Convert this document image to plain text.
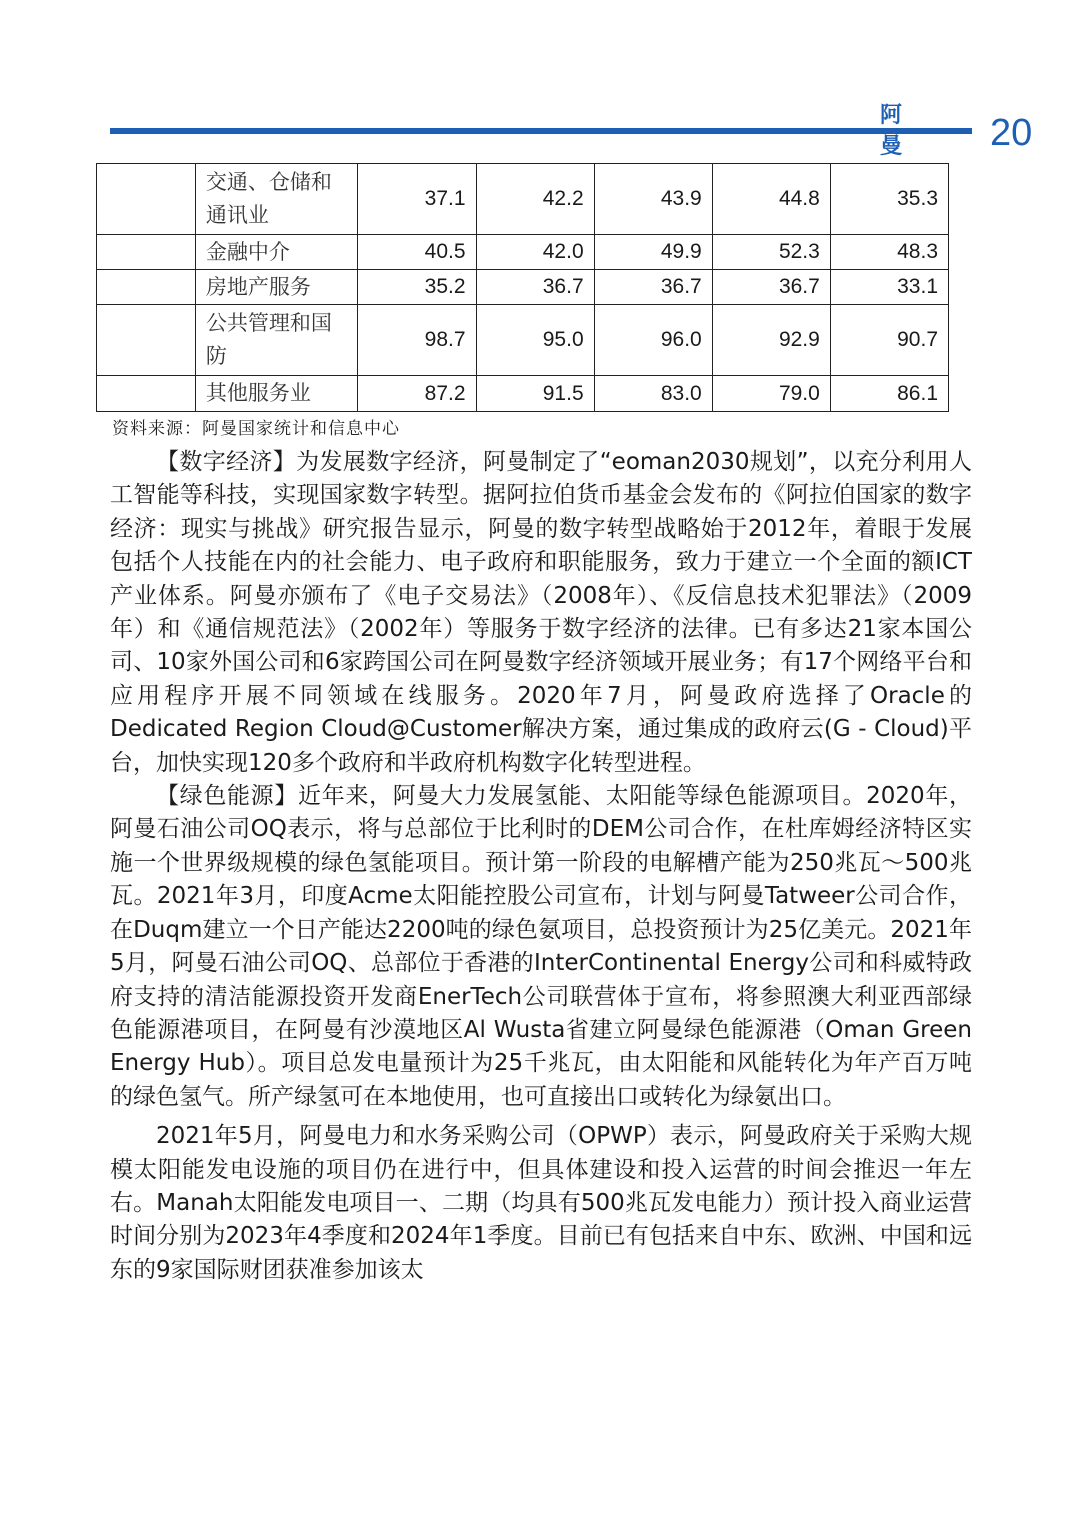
阿 曼	20
	交通、仓储和通讯业	37.1	42.2	43.9	44.8	35.3
	金融中介	40.5	42.0	49.9	52.3	48.3
	房地产服务	35.2	36.7	36.7	36.7	33.1
	公共管理和国防	98.7	95.0	96.0	92.9	90.7
	其他服务业	87.2	91.5	83.0	79.0	86.1
资料来源：阿曼国家统计和信息中心

【数字经济】为发展数字经济，阿曼制定了“eoman2030规划”，以充分利用人工智能等科技，实现国家数字转型。据阿拉伯货币基金会发布的《阿拉伯国家的数字经济：现实与挑战》研究报告显示，阿曼的数字转型战略始于2012年，着眼于发展包括个人技能在内的社会能力、电子政府和职能服务，致力于建立一个全面的额ICT产业体系。阿曼亦颁布了《电子交易法》（2008年）、《反信息技术犯罪法》（2009年）和《通信规范法》（2002年）等服务于数字经济的法律。已有多达21家本国公司、10家外国公司和6家跨国公司在阿曼数字经济领域开展业务；有17个网络平台和应用程序开展不同领域在线服务。2020年7月，阿曼政府选择了Oracle的Dedicated Region Cloud@Customer解决方案，通过集成的政府云(G - Cloud)平台，加快实现120多个政府和半政府机构数字化转型进程。

【绿色能源】近年来，阿曼大力发展氢能、太阳能等绿色能源项目。2020年，阿曼石油公司OQ表示，将与总部位于比利时的DEM公司合作，在杜库姆经济特区实施一个世界级规模的绿色氢能项目。预计第一阶段的电解槽产能为250兆瓦～500兆瓦。2021年3月，印度Acme太阳能控股公司宣布，计划与阿曼Tatweer公司合作，在Duqm建立一个日产能达2200吨的绿色氨项目，总投资预计为25亿美元。2021年5月，阿曼石油公司OQ、总部位于香港的InterContinental Energy公司和科威特政府支持的清洁能源投资开发商EnerTech公司联营体于宣布，将参照澳大利亚西部绿色能源港项目，在阿曼有沙漠地区Al Wusta省建立阿曼绿色能源港（Oman Green Energy Hub）。项目总发电量预计为25千兆瓦，由太阳能和风能转化为年产百万吨的绿色氢气。所产绿氢可在本地使用，也可直接出口或转化为绿氨出口。

2021年5月，阿曼电力和水务采购公司（OPWP）表示，阿曼政府关于采购大规模太阳能发电设施的项目仍在进行中，但具体建设和投入运营的时间会推迟一年左右。Manah太阳能发电项目一、二期（均具有500兆瓦发电能力）预计投入商业运营时间分别为2023年4季度和2024年1季度。目前已有包括来自中东、欧洲、中国和远东的9家国际财团获准参加该太
